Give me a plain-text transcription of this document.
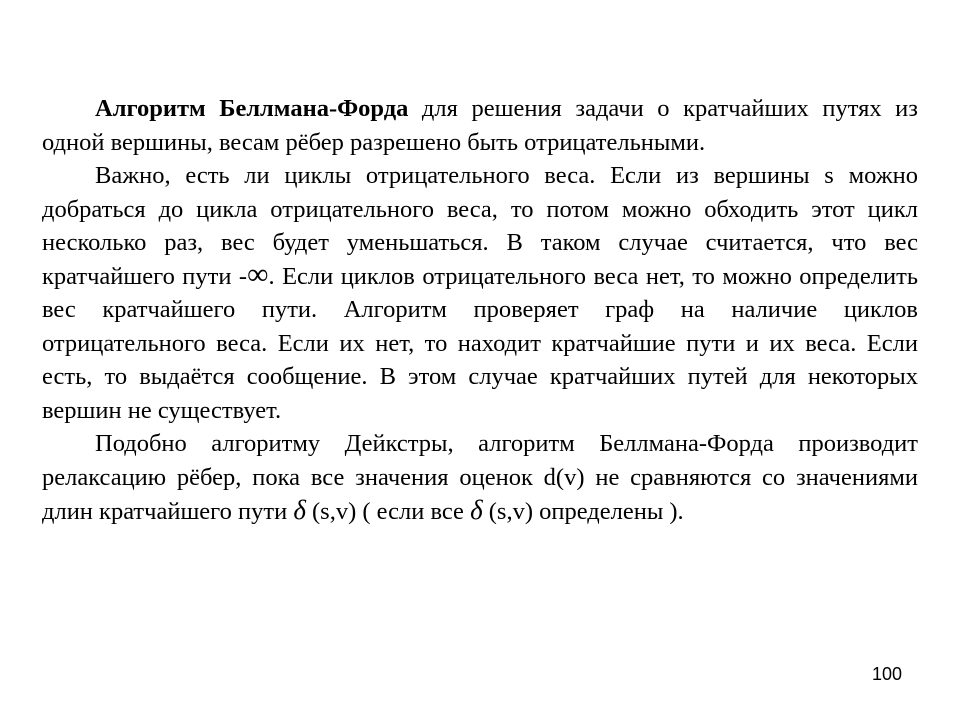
Алгоритм Беллмана-Форда для решения задачи о кратчайших путях из одной вершины, весам рёбер разрешено быть отрицательными.

Важно, есть ли циклы отрицательного веса. Если из вершины s можно добраться до цикла отрицательного веса, то потом можно обходить этот цикл несколько раз, вес будет уменьшаться. В таком случае считается, что вес кратчайшего пути -∞. Если циклов отрицательного веса нет, то можно определить вес кратчайшего пути. Алгоритм проверяет граф на наличие циклов отрицательного веса. Если их нет, то находит кратчайшие пути и их веса. Если есть, то выдаётся сообщение. В этом случае кратчайших путей для некоторых вершин не существует.

Подобно алгоритму Дейкстры, алгоритм Беллмана-Форда производит релаксацию рёбер, пока все значения оценок d(v) не сравняются со значениями длин кратчайшего пути δ (s,v) ( если все δ (s,v) определены ).

100
